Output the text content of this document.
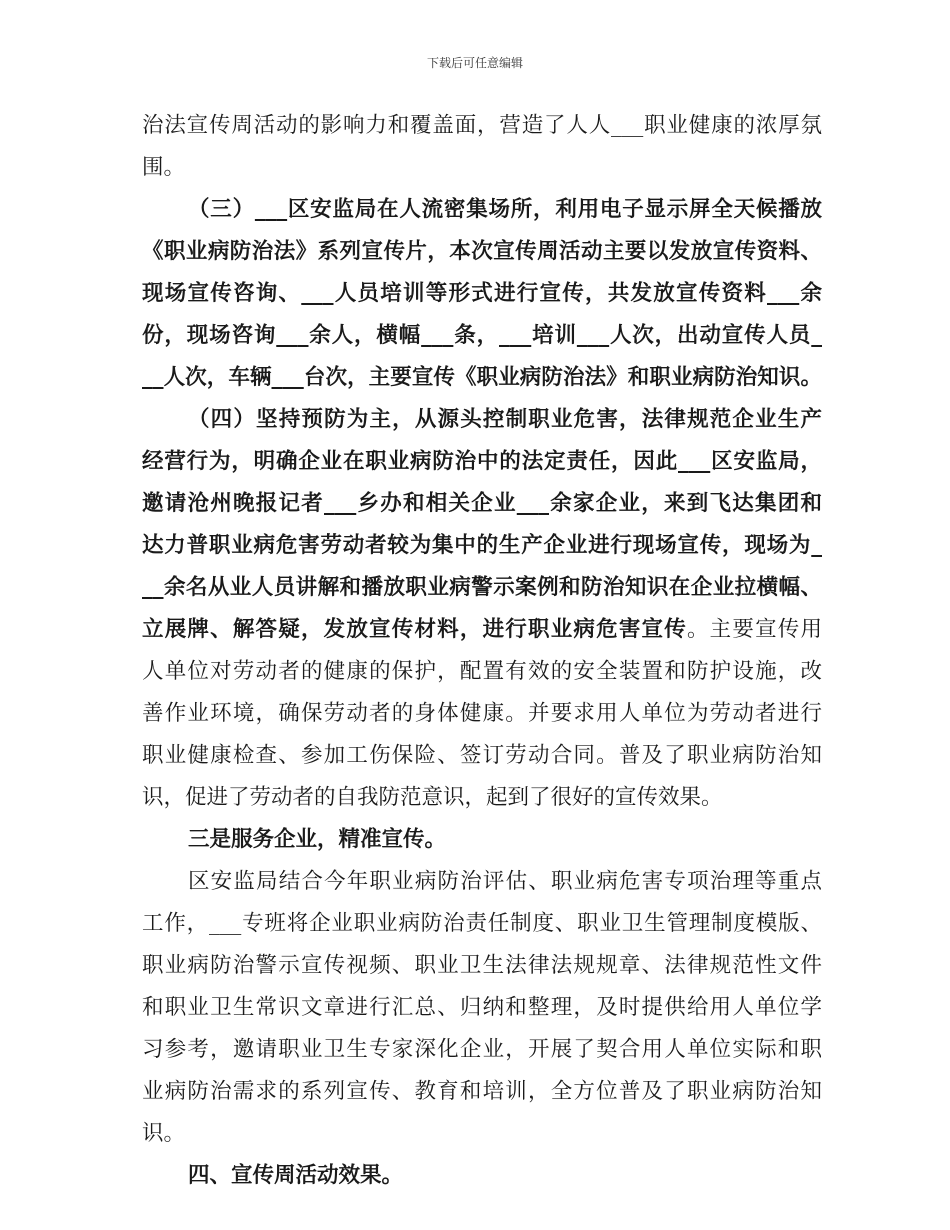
下载后可任意编辑
治法宣传周活动的影响力和覆盖面，营造了人人___职业健康的浓厚氛
围。
（三）___区安监局在人流密集场所，利用电子显示屏全天候播放
《职业病防治法》系列宣传片，本次宣传周活动主要以发放宣传资料、
现场宣传咨询、___人员培训等形式进行宣传，共发放宣传资料___余
份，现场咨询___余人，横幅___条，___培训___人次，出动宣传人员_
__人次，车辆___台次，主要宣传《职业病防治法》和职业病防治知识。
（四）坚持预防为主，从源头控制职业危害，法律规范企业生产
经营行为，明确企业在职业病防治中的法定责任，因此___区安监局，
邀请沧州晚报记者___乡办和相关企业___余家企业，来到飞达集团和
达力普职业病危害劳动者较为集中的生产企业进行现场宣传，现场为_
__余名从业人员讲解和播放职业病警示案例和防治知识在企业拉横幅、
立展牌、解答疑，发放宣传材料，进行职业病危害宣传。主要宣传用
人单位对劳动者的健康的保护，配置有效的安全装置和防护设施，改
善作业环境，确保劳动者的身体健康。并要求用人单位为劳动者进行
职业健康检查、参加工伤保险、签订劳动合同。普及了职业病防治知
识，促进了劳动者的自我防范意识，起到了很好的宣传效果。
三是服务企业，精准宣传。
区安监局结合今年职业病防治评估、职业病危害专项治理等重点
工作，___专班将企业职业病防治责任制度、职业卫生管理制度模版、
职业病防治警示宣传视频、职业卫生法律法规规章、法律规范性文件
和职业卫生常识文章进行汇总、归纳和整理，及时提供给用人单位学
习参考，邀请职业卫生专家深化企业，开展了契合用人单位实际和职
业病防治需求的系列宣传、教育和培训，全方位普及了职业病防治知
识。
四、宣传周活动效果。
